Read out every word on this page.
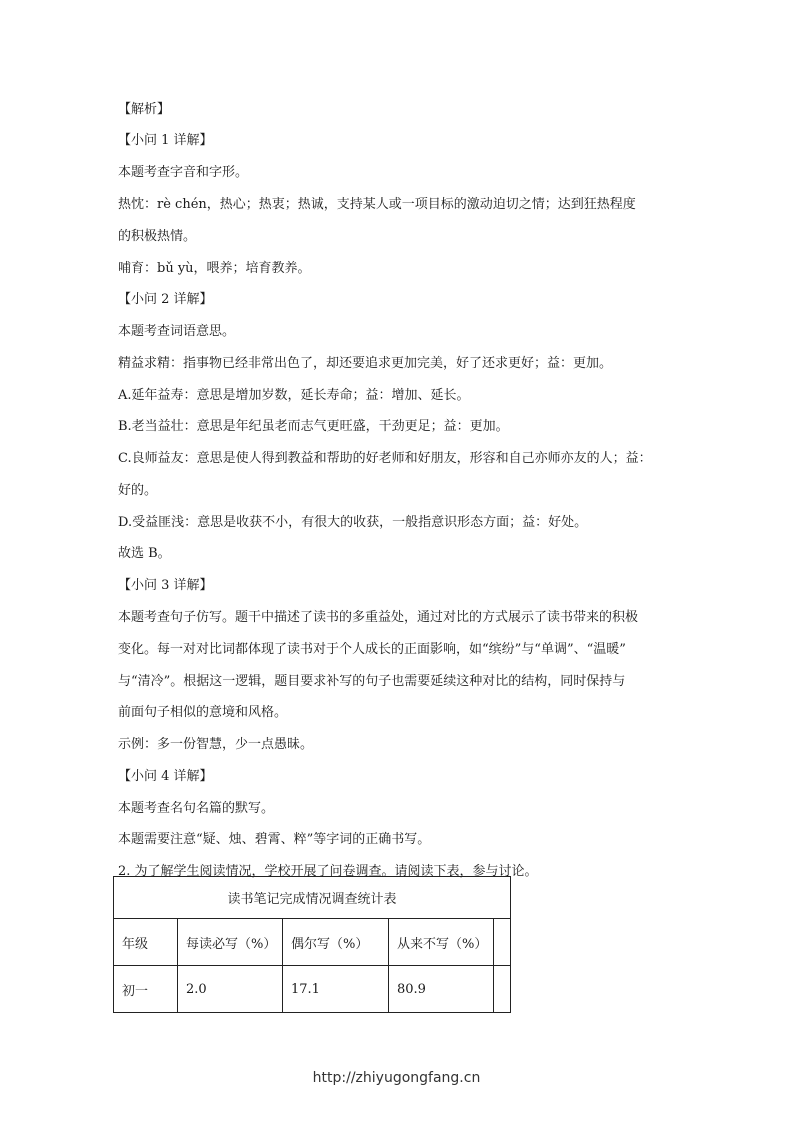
【解析】
【小问 1 详解】
本题考查字音和字形。
热忱：rè chén，热心；热衷；热诚，支持某人或一项目标的激动迫切之情；达到狂热程度
的积极热情。
哺育：bǔ yù，喂养；培育教养。
【小问 2 详解】
本题考查词语意思。
精益求精：指事物已经非常出色了，却还要追求更加完美，好了还求更好；益：更加。
A.延年益寿：意思是增加岁数，延长寿命；益：增加、延长。
B.老当益壮：意思是年纪虽老而志气更旺盛，干劲更足；益：更加。
C.良师益友：意思是使人得到教益和帮助的好老师和好朋友，形容和自己亦师亦友的人；益：
好的。
D.受益匪浅：意思是收获不小，有很大的收获，一般指意识形态方面；益：好处。
故选 B。
【小问 3 详解】
本题考查句子仿写。题干中描述了读书的多重益处，通过对比的方式展示了读书带来的积极
变化。每一对对比词都体现了读书对于个人成长的正面影响，如“缤纷”与“单调”、“温暖”
与“清冷”。根据这一逻辑，题目要求补写的句子也需要延续这种对比的结构，同时保持与
前面句子相似的意境和风格。
示例：多一份智慧，少一点愚昧。
【小问 4 详解】
本题考查名句名篇的默写。
本题需要注意“疑、烛、碧霄、粹”等字词的正确书写。
2. 为了解学生阅读情况，学校开展了问卷调查。请阅读下表，参与讨论。
读书笔记完成情况调查统计表				
年级	每读必写（%）	偶尔写（%）	从来不写（%）	
初一	2.0	17.1	80.9	
http://zhiyugongfang.cn
